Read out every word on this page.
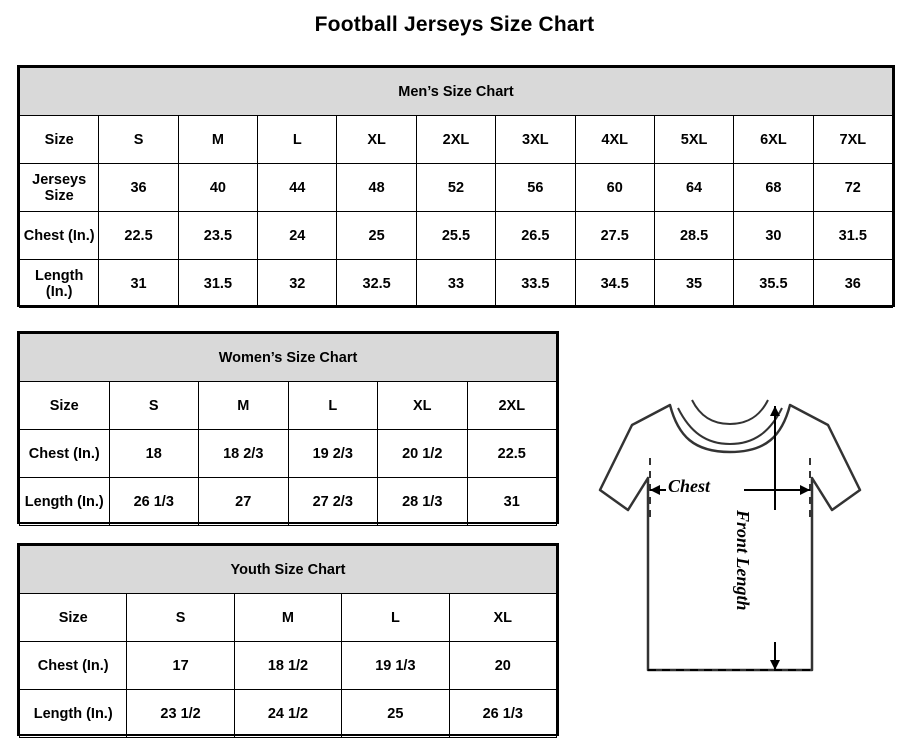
Football Jerseys Size Chart
Men’s Size Chart										
Size	S	M	L	XL	2XL	3XL	4XL	5XL	6XL	7XL
Jerseys Size	36	40	44	48	52	56	60	64	68	72
Chest (In.)	22.5	23.5	24	25	25.5	26.5	27.5	28.5	30	31.5
Length (In.)	31	31.5	32	32.5	33	33.5	34.5	35	35.5	36
Women’s Size Chart					
Size	S	M	L	XL	2XL
Chest (In.)	18	18 2/3	19 2/3	20 1/2	22.5
Length (In.)	26 1/3	27	27 2/3	28 1/3	31
Youth Size Chart				
Size	S	M	L	XL
Chest (In.)	17	18 1/2	19 1/3	20
Length (In.)	23 1/2	24 1/2	25	26 1/3
Chest
Front Length
